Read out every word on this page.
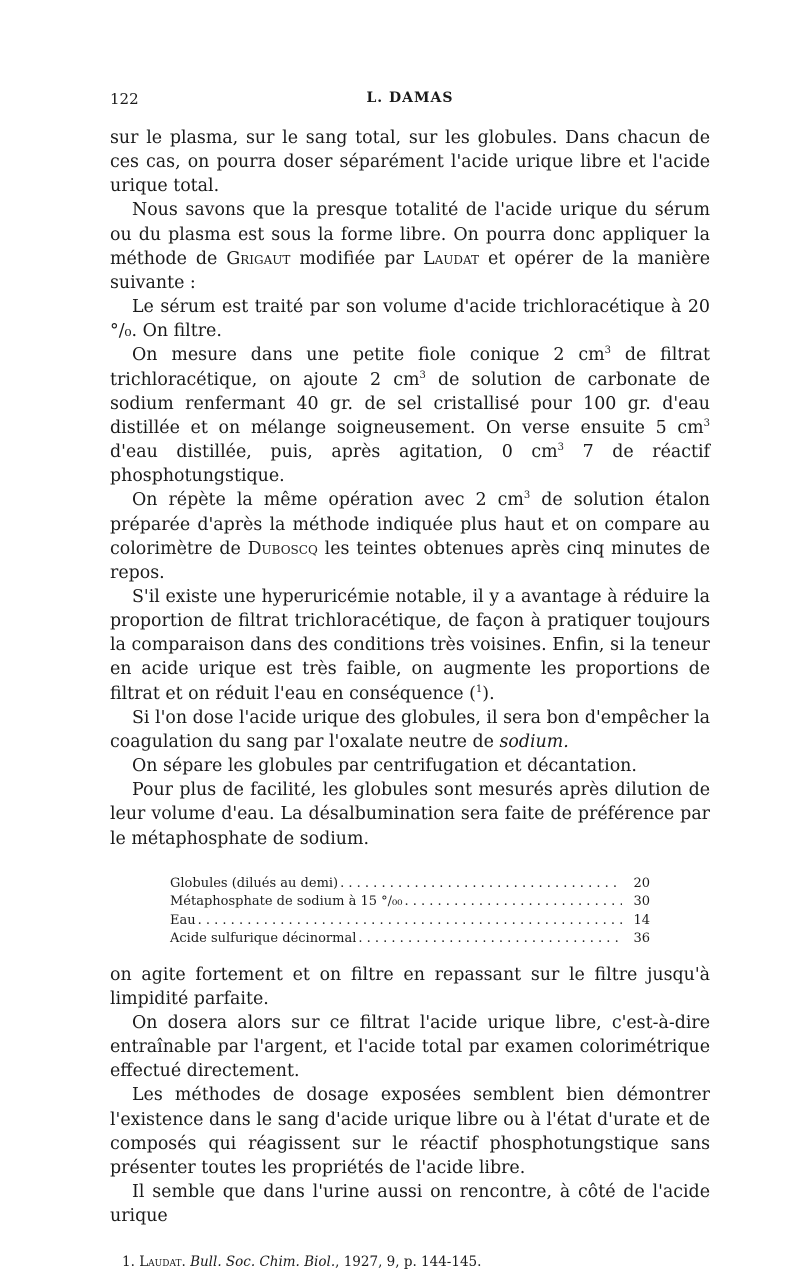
122	L. DAMAS

sur le plasma, sur le sang total, sur les globules. Dans chacun de ces cas, on pourra doser séparément l'acide urique libre et l'acide urique total.

Nous savons que la presque totalité de l'acide urique du sérum ou du plasma est sous la forme libre. On pourra donc appliquer la méthode de Grigaut modifiée par Laudat et opérer de la manière suivante :

Le sérum est traité par son volume d'acide trichloracétique à 20 °/₀. On filtre.

On mesure dans une petite fiole conique 2 $cm^3$ de filtrat trichloracétique, on ajoute 2 $cm^3$ de solution de carbonate de sodium renfermant 40 gr. de sel cristallisé pour 100 gr. d'eau distillée et on mélange soigneusement. On verse ensuite 5 $cm^3$ d'eau distillée, puis, après agitation, 0 $cm^3$ 7 de réactif phosphotungstique.

On répète la même opération avec 2 $cm^3$ de solution étalon préparée d'après la méthode indiquée plus haut et on compare au colorimètre de Duboscq les teintes obtenues après cinq minutes de repos.

S'il existe une hyperuricémie notable, il y a avantage à réduire la proportion de filtrat trichloracétique, de façon à pratiquer toujours la comparaison dans des conditions très voisines. Enfin, si la teneur en acide urique est très faible, on augmente les proportions de filtrat et on réduit l'eau en conséquence ($^1$).

Si l'on dose l'acide urique des globules, il sera bon d'empêcher la coagulation du sang par l'oxalate neutre de sodium.

On sépare les globules par centrifugation et décantation.

Pour plus de facilité, les globules sont mesurés après dilution de leur volume d'eau. La désalbumination sera faite de préférence par le métaphosphate de sodium.

Globules (dilués au demi) . . .	20
Métaphosphate de sodium à 15 °/₀₀ . . .	30
Eau . . .	14
Acide sulfurique décinormal . . .	36

on agite fortement et on filtre en repassant sur le filtre jusqu'à limpidité parfaite.

On dosera alors sur ce filtrat l'acide urique libre, c'est-à-dire entraînable par l'argent, et l'acide total par examen colorimétrique effectué directement.

Les méthodes de dosage exposées semblent bien démontrer l'existence dans le sang d'acide urique libre ou à l'état d'urate et de composés qui réagissent sur le réactif phosphotungstique sans présenter toutes les propriétés de l'acide libre.

Il semble que dans l'urine aussi on rencontre, à côté de l'acide urique

1. Laudat. Bull. Soc. Chim. Biol., 1927, 9, p. 144-145.
